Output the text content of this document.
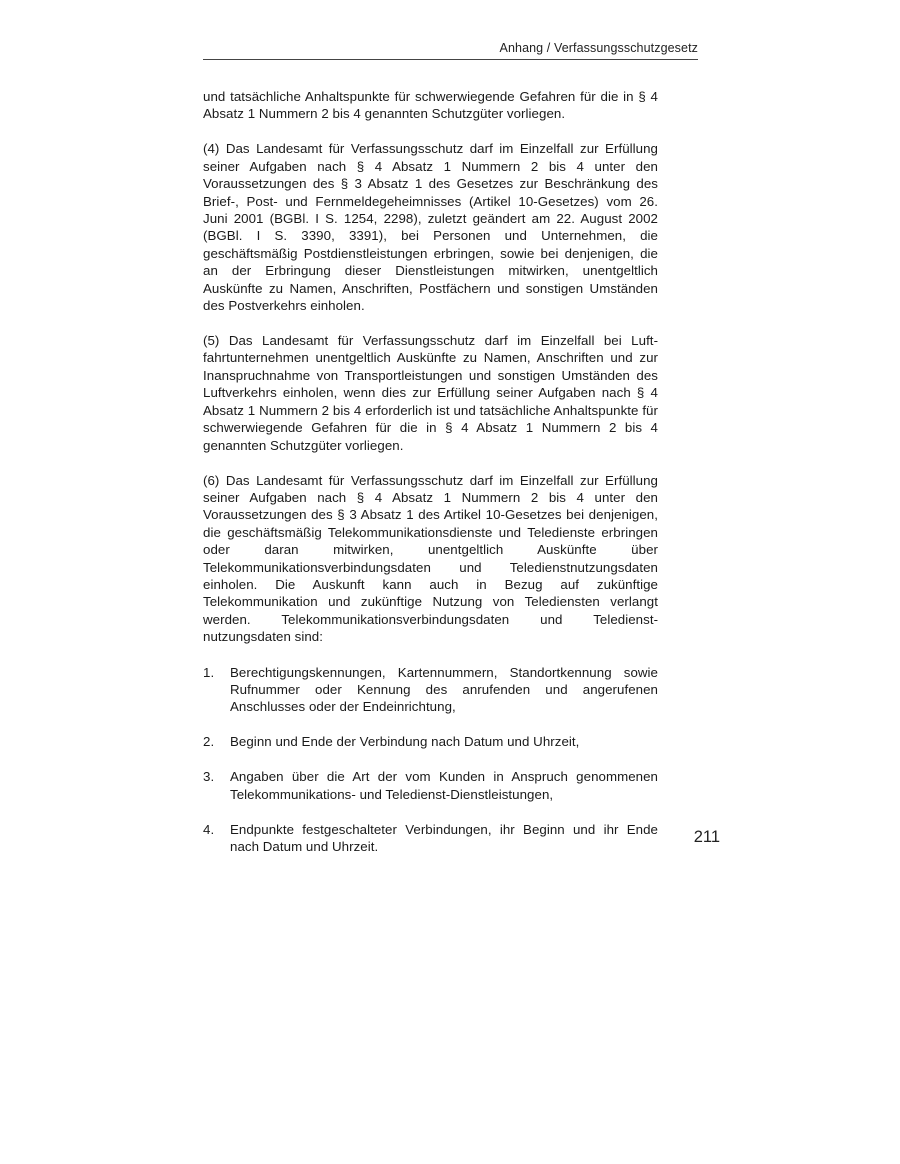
Anhang / Verfassungsschutzgesetz

und tatsächliche Anhaltspunkte für schwerwiegende Gefahren für die in § 4 Absatz 1 Nummern 2 bis 4 genannten Schutzgüter vorliegen.

(4) Das Landesamt für Verfassungsschutz darf im Einzelfall zur Erfüllung seiner Aufgaben nach § 4 Absatz 1 Nummern 2 bis 4 unter den Voraussetzungen des § 3 Absatz 1 des Gesetzes zur Beschränkung des Brief-, Post- und Fernmeldegeheimnisses (Artikel 10-Gesetzes) vom 26. Juni 2001 (BGBl. I S. 1254, 2298), zuletzt geändert am 22. August 2002 (BGBl. I S. 3390, 3391), bei Personen und Unternehmen, die geschäftsmäßig Postdienstleistungen erbringen, sowie bei denjenigen, die an der Erbringung dieser Dienstleistungen mitwirken, unentgeltlich Auskünfte zu Namen, Anschriften, Postfächern und sonstigen Umständen des Postverkehrs einholen.

(5) Das Landesamt für Verfassungsschutz darf im Einzelfall bei Luftfahrtunternehmen unentgeltlich Auskünfte zu Namen, Anschriften und zur Inanspruchnahme von Transportleistungen und sonstigen Umständen des Luftverkehrs einholen, wenn dies zur Erfüllung seiner Aufgaben nach § 4 Absatz 1 Nummern 2 bis 4 erforderlich ist und tatsächliche Anhaltspunkte für schwerwiegende Gefahren für die in § 4 Absatz 1 Nummern 2 bis 4 genannten Schutzgüter vorliegen.

(6) Das Landesamt für Verfassungsschutz darf im Einzelfall zur Erfüllung seiner Aufgaben nach § 4 Absatz 1 Nummern 2 bis 4 unter den Voraussetzungen des § 3 Absatz 1 des Artikel 10-Gesetzes bei denjenigen, die geschäftsmäßig Telekommunikationsdienste und Teledienste erbringen oder daran mitwirken, unentgeltlich Auskünfte über Telekommunikationsverbindungsdaten und Teledienstnutzungsdaten einholen. Die Auskunft kann auch in Bezug auf zukünftige Telekommunikation und zukünftige Nutzung von Telediensten verlangt werden. Telekommunikationsverbindungsdaten und Teledienstnutzungsdaten sind:

1.	Berechtigungskennungen, Kartennummern, Standortkennung sowie Rufnummer oder Kennung des anrufenden und angerufenen Anschlusses oder der Endeinrichtung,
2.	Beginn und Ende der Verbindung nach Datum und Uhrzeit,
3.	Angaben über die Art der vom Kunden in Anspruch genommenen Telekommunikations- und Teledienst-Dienstleistungen,
4.	Endpunkte festgeschalteter Verbindungen, ihr Beginn und ihr Ende nach Datum und Uhrzeit.
211
